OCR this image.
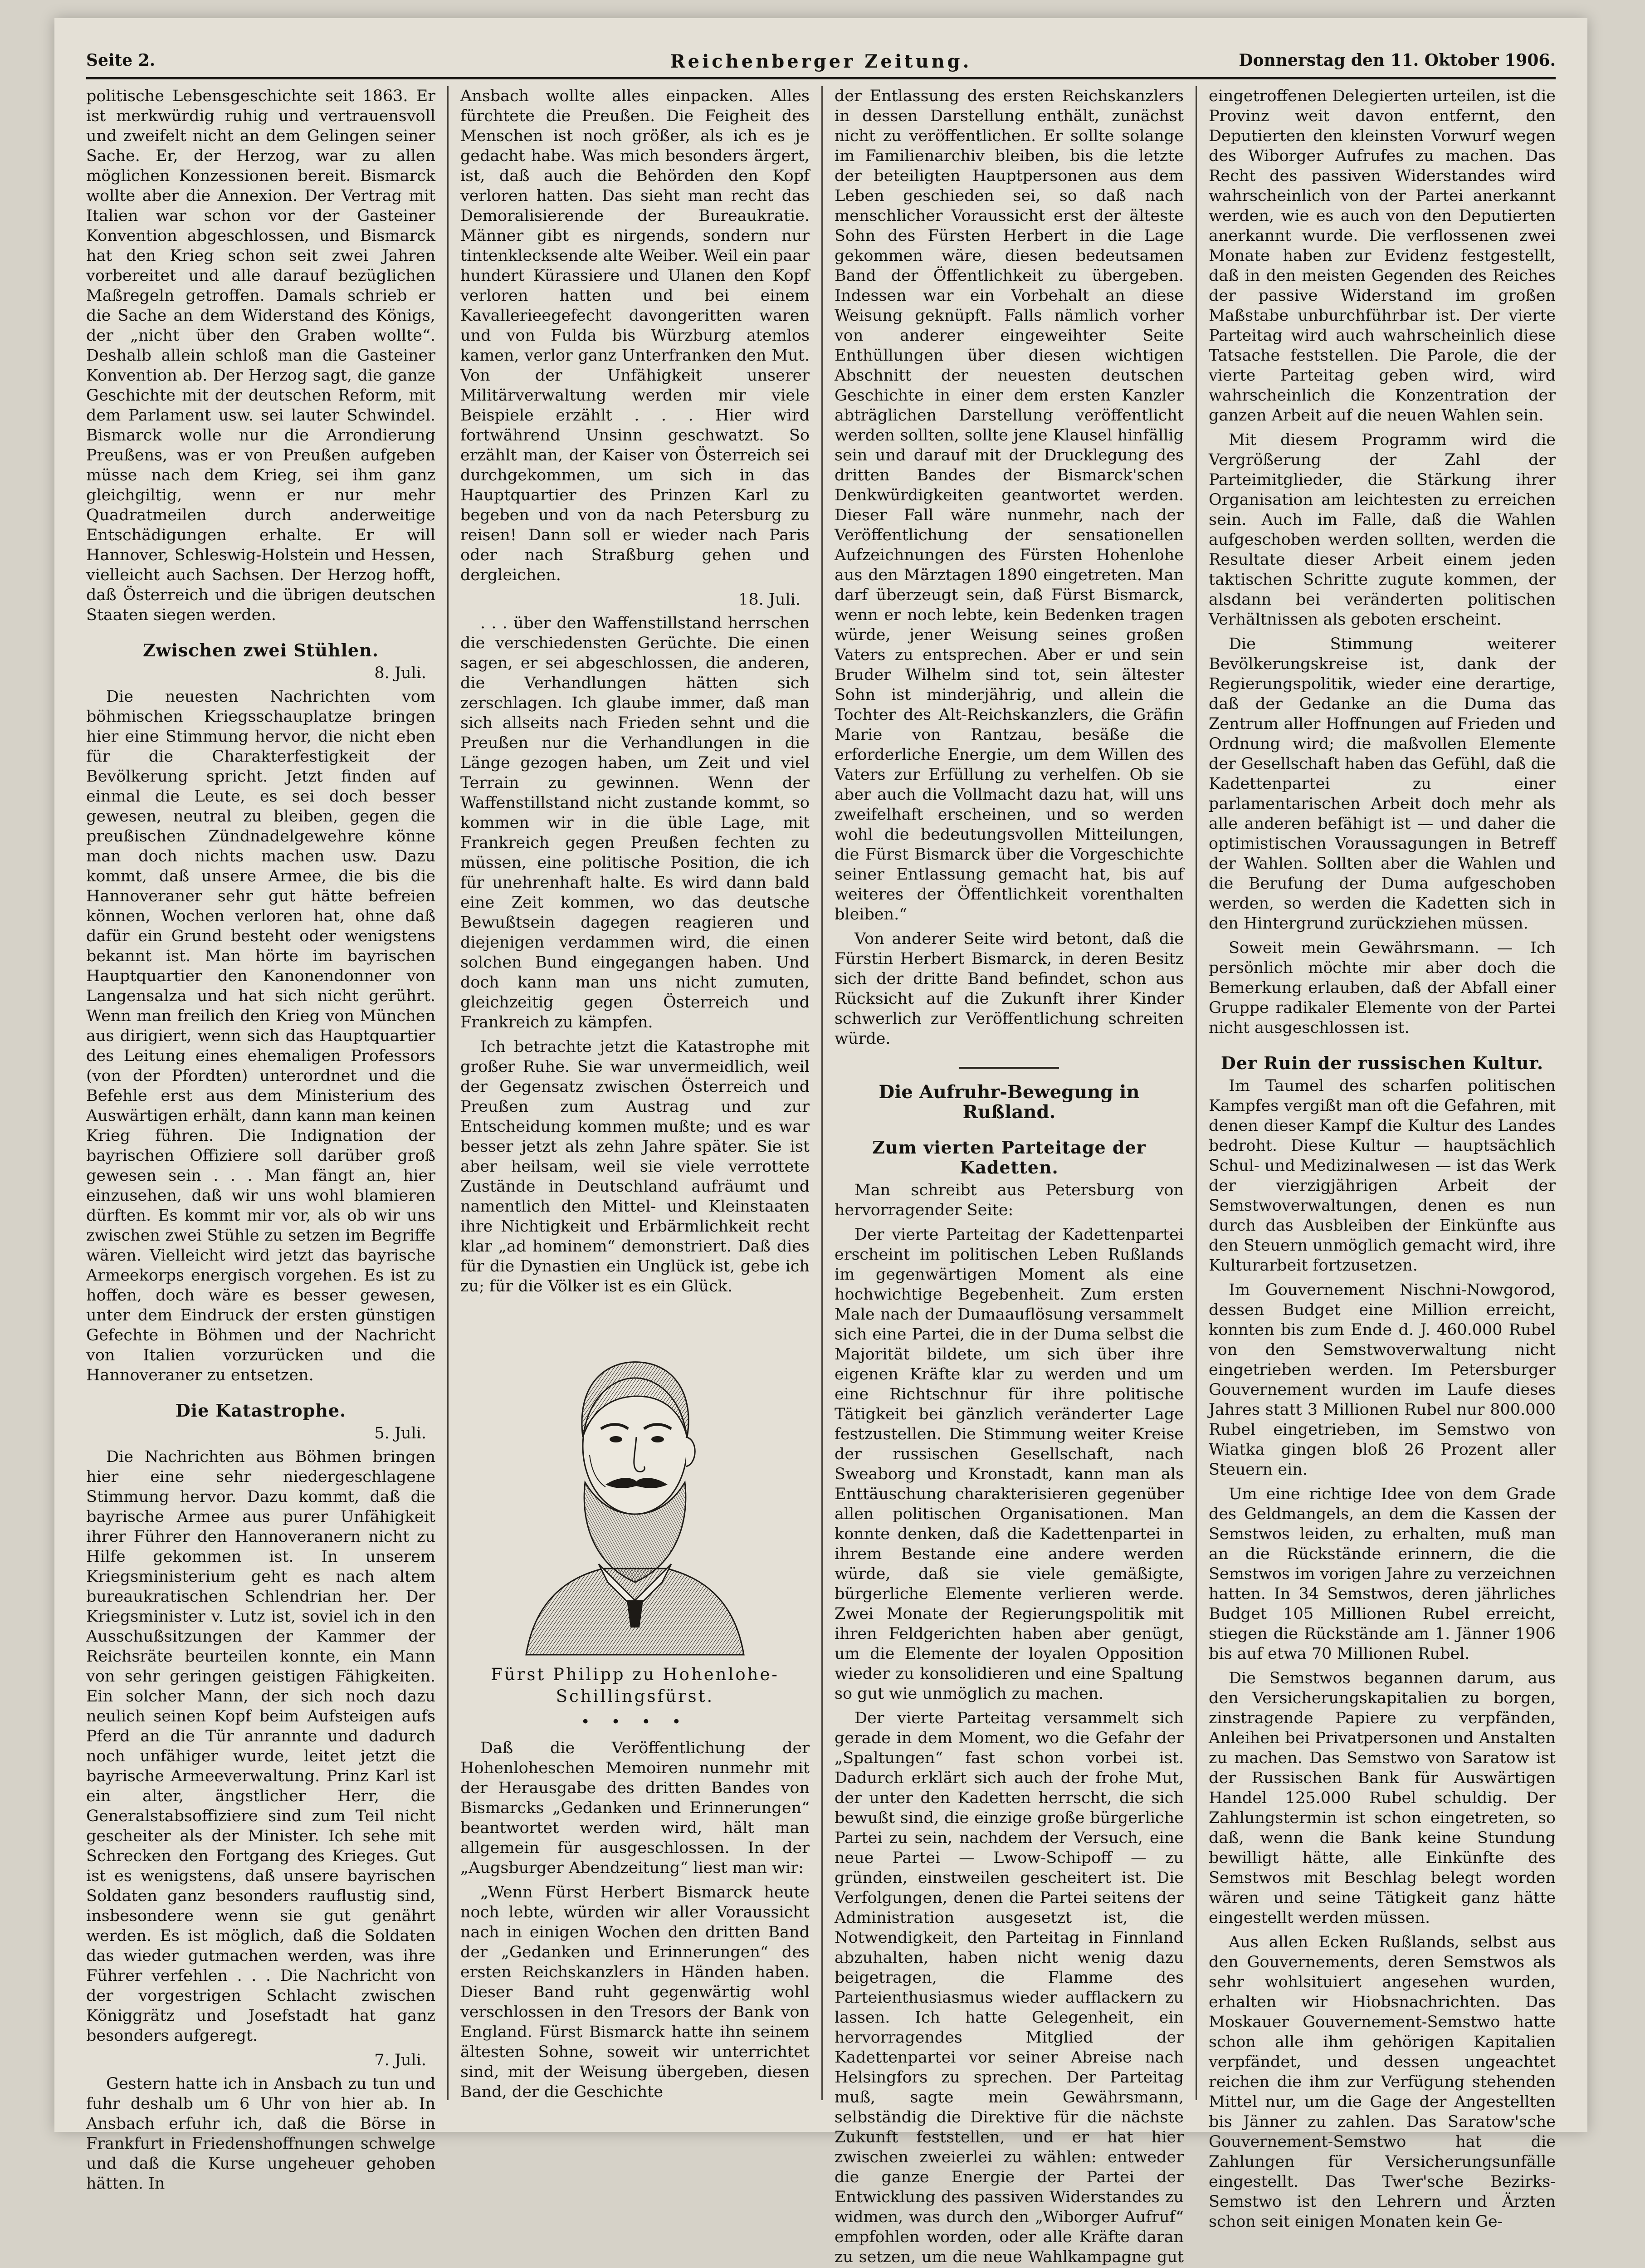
Seite 2.	Reichenberger Zeitung.	Donnerstag den 11. Oktober 1906.

politische Lebensgeschichte seit 1863. Er ist merkwürdig ruhig und vertrauensvoll und zweifelt nicht an dem Gelingen seiner Sache. Er, der Herzog, war zu allen möglichen Konzessionen bereit. Bismarck wollte aber die Annexion. Der Vertrag mit Italien war schon vor der Gasteiner Konvention abgeschlossen, und Bismarck hat den Krieg schon seit zwei Jahren vorbereitet und alle darauf bezüglichen Maßregeln getroffen. Damals schrieb er die Sache an dem Widerstand des Königs, der „nicht über den Graben wollte“. Deshalb allein schloß man die Gasteiner Konvention ab. Der Herzog sagt, die ganze Geschichte mit der deutschen Reform, mit dem Parlament usw. sei lauter Schwindel. Bismarck wolle nur die Arrondierung Preußens, was er von Preußen aufgeben müsse nach dem Krieg, sei ihm ganz gleichgiltig, wenn er nur mehr Quadratmeilen durch anderweitige Entschädigungen erhalte. Er will Hannover, Schleswig-Holstein und Hessen, vielleicht auch Sachsen. Der Herzog hofft, daß Österreich und die übrigen deutschen Staaten siegen werden.

Zwischen zwei Stühlen.
8. Juli.

Die neuesten Nachrichten vom böhmischen Kriegsschauplatze bringen hier eine Stimmung hervor, die nicht eben für die Charakterfestigkeit der Bevölkerung spricht. Jetzt finden auf einmal die Leute, es sei doch besser gewesen, neutral zu bleiben, gegen die preußischen Zündnadelgewehre könne man doch nichts machen usw. Dazu kommt, daß unsere Armee, die bis die Hannoveraner sehr gut hätte befreien können, Wochen verloren hat, ohne daß dafür ein Grund besteht oder wenigstens bekannt ist. Man hörte im bayrischen Hauptquartier den Kanonendonner von Langensalza und hat sich nicht gerührt. Wenn man freilich den Krieg von München aus dirigiert, wenn sich das Hauptquartier des Leitung eines ehemaligen Professors (von der Pfordten) unterordnet und die Befehle erst aus dem Ministerium des Auswärtigen erhält, dann kann man keinen Krieg führen. Die Indignation der bayrischen Offiziere soll darüber groß gewesen sein . . . Man fängt an, hier einzusehen, daß wir uns wohl blamieren dürften. Es kommt mir vor, als ob wir uns zwischen zwei Stühle zu setzen im Begriffe wären. Vielleicht wird jetzt das bayrische Armeekorps energisch vorgehen. Es ist zu hoffen, doch wäre es besser gewesen, unter dem Eindruck der ersten günstigen Gefechte in Böhmen und der Nachricht von Italien vorzurücken und die Hannoveraner zu entsetzen.

Die Katastrophe.
5. Juli.

Die Nachrichten aus Böhmen bringen hier eine sehr niedergeschlagene Stimmung hervor. Dazu kommt, daß die bayrische Armee aus purer Unfähigkeit ihrer Führer den Hannoveranern nicht zu Hilfe gekommen ist. In unserem Kriegsministerium geht es nach altem bureaukratischen Schlendrian her. Der Kriegsminister v. Lutz ist, soviel ich in den Ausschußsitzungen der Kammer der Reichsräte beurteilen konnte, ein Mann von sehr geringen geistigen Fähigkeiten. Ein solcher Mann, der sich noch dazu neulich seinen Kopf beim Aufsteigen aufs Pferd an die Tür anrannte und dadurch noch unfähiger wurde, leitet jetzt die bayrische Armeeverwaltung. Prinz Karl ist ein alter, ängstlicher Herr, die Generalstabsoffiziere sind zum Teil nicht gescheiter als der Minister. Ich sehe mit Schrecken den Fortgang des Krieges. Gut ist es wenigstens, daß unsere bayrischen Soldaten ganz besonders rauflustig sind, insbesondere wenn sie gut genährt werden. Es ist möglich, daß die Soldaten das wieder gutmachen werden, was ihre Führer verfehlen . . . Die Nachricht von der vorgestrigen Schlacht zwischen Königgrätz und Josefstadt hat ganz besonders aufgeregt.

7. Juli.

Gestern hatte ich in Ansbach zu tun und fuhr deshalb um 6 Uhr von hier ab. In Ansbach erfuhr ich, daß die Börse in Frankfurt in Friedenshoffnungen schwelge und daß die Kurse ungeheuer gehoben hätten. In

Ansbach wollte alles einpacken. Alles fürchtete die Preußen. Die Feigheit des Menschen ist noch größer, als ich es je gedacht habe. Was mich besonders ärgert, ist, daß auch die Behörden den Kopf verloren hatten. Das sieht man recht das Demoralisierende der Bureaukratie. Männer gibt es nirgends, sondern nur tintenklecksende alte Weiber. Weil ein paar hundert Kürassiere und Ulanen den Kopf verloren hatten und bei einem Kavallerieegefecht davongeritten waren und von Fulda bis Würzburg atemlos kamen, verlor ganz Unterfranken den Mut. Von der Unfähigkeit unserer Militärverwaltung werden mir viele Beispiele erzählt . . . Hier wird fortwährend Unsinn geschwatzt. So erzählt man, der Kaiser von Österreich sei durchgekommen, um sich in das Hauptquartier des Prinzen Karl zu begeben und von da nach Petersburg zu reisen! Dann soll er wieder nach Paris oder nach Straßburg gehen und dergleichen.

18. Juli.

. . . über den Waffenstillstand herrschen die verschiedensten Gerüchte. Die einen sagen, er sei abgeschlossen, die anderen, die Verhandlungen hätten sich zerschlagen. Ich glaube immer, daß man sich allseits nach Frieden sehnt und die Preußen nur die Verhandlungen in die Länge gezogen haben, um Zeit und viel Terrain zu gewinnen. Wenn der Waffenstillstand nicht zustande kommt, so kommen wir in die üble Lage, mit Frankreich gegen Preußen fechten zu müssen, eine politische Position, die ich für unehrenhaft halte. Es wird dann bald eine Zeit kommen, wo das deutsche Bewußtsein dagegen reagieren und diejenigen verdammen wird, die einen solchen Bund eingegangen haben. Und doch kann man uns nicht zumuten, gleichzeitig gegen Österreich und Frankreich zu kämpfen.

Ich betrachte jetzt die Katastrophe mit großer Ruhe. Sie war unvermeidlich, weil der Gegensatz zwischen Österreich und Preußen zum Austrag und zur Entscheidung kommen mußte; und es war besser jetzt als zehn Jahre später. Sie ist aber heilsam, weil sie viele verrottete Zustände in Deutschland aufräumt und namentlich den Mittel- und Kleinstaaten ihre Nichtigkeit und Erbärmlichkeit recht klar „ad hominem“ demonstriert. Daß dies für die Dynastien ein Unglück ist, gebe ich zu; für die Völker ist es ein Glück.

Fürst Philipp zu Hohenlohe-Schillingsfürst.
• • • •

Daß die Veröffentlichung der Hohenloheschen Memoiren nunmehr mit der Herausgabe des dritten Bandes von Bismarcks „Gedanken und Erinnerungen“ beantwortet werden wird, hält man allgemein für ausgeschlossen. In der „Augsburger Abendzeitung“ liest man wir:

„Wenn Fürst Herbert Bismarck heute noch lebte, würden wir aller Voraussicht nach in einigen Wochen den dritten Band der „Gedanken und Erinnerungen“ des ersten Reichskanzlers in Händen haben. Dieser Band ruht gegenwärtig wohl verschlossen in den Tresors der Bank von England. Fürst Bismarck hatte ihn seinem ältesten Sohne, soweit wir unterrichtet sind, mit der Weisung übergeben, diesen Band, der die Geschichte

der Entlassung des ersten Reichskanzlers in dessen Darstellung enthält, zunächst nicht zu veröffentlichen. Er sollte solange im Familienarchiv bleiben, bis die letzte der beteiligten Hauptpersonen aus dem Leben geschieden sei, so daß nach menschlicher Voraussicht erst der älteste Sohn des Fürsten Herbert in die Lage gekommen wäre, diesen bedeutsamen Band der Öffentlichkeit zu übergeben. Indessen war ein Vorbehalt an diese Weisung geknüpft. Falls nämlich vorher von anderer eingeweihter Seite Enthüllungen über diesen wichtigen Abschnitt der neuesten deutschen Geschichte in einer dem ersten Kanzler abträglichen Darstellung veröffentlicht werden sollten, sollte jene Klausel hinfällig sein und darauf mit der Drucklegung des dritten Bandes der Bismarck'schen Denkwürdigkeiten geantwortet werden. Dieser Fall wäre nunmehr, nach der Veröffentlichung der sensationellen Aufzeichnungen des Fürsten Hohenlohe aus den Märztagen 1890 eingetreten. Man darf überzeugt sein, daß Fürst Bismarck, wenn er noch lebte, kein Bedenken tragen würde, jener Weisung seines großen Vaters zu entsprechen. Aber er und sein Bruder Wilhelm sind tot, sein ältester Sohn ist minderjährig, und allein die Tochter des Alt-Reichskanzlers, die Gräfin Marie von Rantzau, besäße die erforderliche Energie, um dem Willen des Vaters zur Erfüllung zu verhelfen. Ob sie aber auch die Vollmacht dazu hat, will uns zweifelhaft erscheinen, und so werden wohl die bedeutungsvollen Mitteilungen, die Fürst Bismarck über die Vorgeschichte seiner Entlassung gemacht hat, bis auf weiteres der Öffentlichkeit vorenthalten bleiben.“

Von anderer Seite wird betont, daß die Fürstin Herbert Bismarck, in deren Besitz sich der dritte Band befindet, schon aus Rücksicht auf die Zukunft ihrer Kinder schwerlich zur Veröffentlichung schreiten würde.

Die Aufruhr-Bewegung in Rußland.
Zum vierten Parteitage der Kadetten.

Man schreibt aus Petersburg von hervorragender Seite:

Der vierte Parteitag der Kadettenpartei erscheint im politischen Leben Rußlands im gegenwärtigen Moment als eine hochwichtige Begebenheit. Zum ersten Male nach der Dumaauflösung versammelt sich eine Partei, die in der Duma selbst die Majorität bildete, um sich über ihre eigenen Kräfte klar zu werden und um eine Richtschnur für ihre politische Tätigkeit bei gänzlich veränderter Lage festzustellen. Die Stimmung weiter Kreise der russischen Gesellschaft, nach Sweaborg und Kronstadt, kann man als Enttäuschung charakterisieren gegenüber allen politischen Organisationen. Man konnte denken, daß die Kadettenpartei in ihrem Bestande eine andere werden würde, daß sie viele gemäßigte, bürgerliche Elemente verlieren werde. Zwei Monate der Regierungspolitik mit ihren Feldgerichten haben aber genügt, um die Elemente der loyalen Opposition wieder zu konsolidieren und eine Spaltung so gut wie unmöglich zu machen.

Der vierte Parteitag versammelt sich gerade in dem Moment, wo die Gefahr der „Spaltungen“ fast schon vorbei ist. Dadurch erklärt sich auch der frohe Mut, der unter den Kadetten herrscht, die sich bewußt sind, die einzige große bürgerliche Partei zu sein, nachdem der Versuch, eine neue Partei — Lwow-Schipoff — zu gründen, einstweilen gescheitert ist. Die Verfolgungen, denen die Partei seitens der Administration ausgesetzt ist, die Notwendigkeit, den Parteitag in Finnland abzuhalten, haben nicht wenig dazu beigetragen, die Flamme des Parteienthusiasmus wieder aufflackern zu lassen. Ich hatte Gelegenheit, ein hervorragendes Mitglied der Kadettenpartei vor seiner Abreise nach Helsingfors zu sprechen. Der Parteitag muß, sagte mein Gewährsmann, selbständig die Direktive für die nächste Zukunft feststellen, und er hat hier zwischen zweierlei zu wählen: entweder die ganze Energie der Partei der Entwicklung des passiven Widerstandes zu widmen, was durch den „Wiborger Aufruf“ empfohlen worden, oder alle Kräfte daran zu setzen, um die neue Wahlkampagne gut

eingetroffenen Delegierten urteilen, ist die Provinz weit davon entfernt, den Deputierten den kleinsten Vorwurf wegen des Wiborger Aufrufes zu machen. Das Recht des passiven Widerstandes wird wahrscheinlich von der Partei anerkannt werden, wie es auch von den Deputierten anerkannt wurde. Die verflossenen zwei Monate haben zur Evidenz festgestellt, daß in den meisten Gegenden des Reiches der passive Widerstand im großen Maßstabe unburchführbar ist. Der vierte Parteitag wird auch wahrscheinlich diese Tatsache feststellen. Die Parole, die der vierte Parteitag geben wird, wird wahrscheinlich die Konzentration der ganzen Arbeit auf die neuen Wahlen sein.

Mit diesem Programm wird die Vergrößerung der Zahl der Parteimitglieder, die Stärkung ihrer Organisation am leichtesten zu erreichen sein. Auch im Falle, daß die Wahlen aufgeschoben werden sollten, werden die Resultate dieser Arbeit einem jeden taktischen Schritte zugute kommen, der alsdann bei veränderten politischen Verhältnissen als geboten erscheint.

Die Stimmung weiterer Bevölkerungskreise ist, dank der Regierungspolitik, wieder eine derartige, daß der Gedanke an die Duma das Zentrum aller Hoffnungen auf Frieden und Ordnung wird; die maßvollen Elemente der Gesellschaft haben das Gefühl, daß die Kadettenpartei zu einer parlamentarischen Arbeit doch mehr als alle anderen befähigt ist — und daher die optimistischen Voraussagungen in Betreff der Wahlen. Sollten aber die Wahlen und die Berufung der Duma aufgeschoben werden, so werden die Kadetten sich in den Hintergrund zurückziehen müssen.

Soweit mein Gewährsmann. — Ich persönlich möchte mir aber doch die Bemerkung erlauben, daß der Abfall einer Gruppe radikaler Elemente von der Partei nicht ausgeschlossen ist.

Der Ruin der russischen Kultur.

Im Taumel des scharfen politischen Kampfes vergißt man oft die Gefahren, mit denen dieser Kampf die Kultur des Landes bedroht. Diese Kultur — hauptsächlich Schul- und Medizinalwesen — ist das Werk der vierzigjährigen Arbeit der Semstwoverwaltungen, denen es nun durch das Ausbleiben der Einkünfte aus den Steuern unmöglich gemacht wird, ihre Kulturarbeit fortzusetzen.

Im Gouvernement Nischni-Nowgorod, dessen Budget eine Million erreicht, konnten bis zum Ende d. J. 460.000 Rubel von den Semstwoverwaltung nicht eingetrieben werden. Im Petersburger Gouvernement wurden im Laufe dieses Jahres statt 3 Millionen Rubel nur 800.000 Rubel eingetrieben, im Semstwo von Wiatka gingen bloß 26 Prozent aller Steuern ein.

Um eine richtige Idee von dem Grade des Geldmangels, an dem die Kassen der Semstwos leiden, zu erhalten, muß man an die Rückstände erinnern, die die Semstwos im vorigen Jahre zu verzeichnen hatten. In 34 Semstwos, deren jährliches Budget 105 Millionen Rubel erreicht, stiegen die Rückstände am 1. Jänner 1906 bis auf etwa 70 Millionen Rubel.

Die Semstwos begannen darum, aus den Versicherungskapitalien zu borgen, zinstragende Papiere zu verpfänden, Anleihen bei Privatpersonen und Anstalten zu machen. Das Semstwo von Saratow ist der Russischen Bank für Auswärtigen Handel 125.000 Rubel schuldig. Der Zahlungstermin ist schon eingetreten, so daß, wenn die Bank keine Stundung bewilligt hätte, alle Einkünfte des Semstwos mit Beschlag belegt worden wären und seine Tätigkeit ganz hätte eingestellt werden müssen.

Aus allen Ecken Rußlands, selbst aus den Gouvernements, deren Semstwos als sehr wohlsituiert angesehen wurden, erhalten wir Hiobsnachrichten. Das Moskauer Gouvernement-Semstwo hatte schon alle ihm gehörigen Kapitalien verpfändet, und dessen ungeachtet reichen die ihm zur Verfügung stehenden Mittel nur, um die Gage der Angestellten bis Jänner zu zahlen. Das Saratow'sche Gouvernement-Semstwo hat die Zahlungen für Versicherungsunfälle eingestellt. Das Twer'sche Bezirks-Semstwo ist den Lehrern und Ärzten schon seit einigen Monaten kein Ge-
